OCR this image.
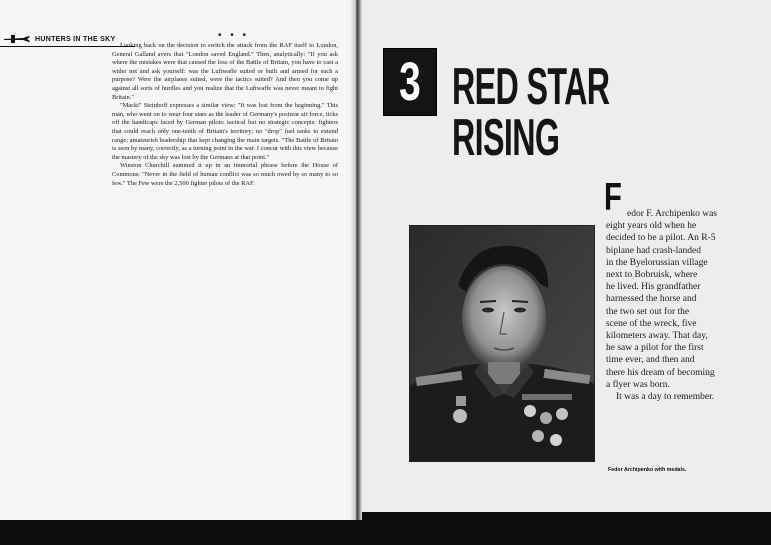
HUNTERS IN THE SKY	• • •

Looking back on the decision to switch the attack from the RAF itself to London, General Galland avers that "London saved England." Then, analytically: "If you ask where the mistakes were that caused the loss of the Battle of Britain, you have to cast a wider net and ask yourself: was the Luftwaffe suited or built and armed for such a purpose? Were the airplanes suited, were the tactics suited? And then you come up against all sorts of hurdles and you realize that the Luftwaffe was never meant to fight Britain."

"Macki" Steinhoff expresses a similar view: "It was lost from the beginning." This man, who went on to wear four stars as the leader of Germany's postwar air force, ticks off the handicaps faced by German pilots: tactical but no strategic concepts: fighters that could reach only one-tenth of Britain's territory; no "drop" fuel tanks to extend range; amateurish leadership that kept changing the main targets. "The Battle of Britain is seen by many, correctly, as a turning point in the war. I concur with this view because the mastery of the sky was lost by the Germans at that point."

Winston Churchill summed it up in an immortal phrase before the House of Commons: "Never in the field of human conflict was so much owed by so many to so few." The Few were the 2,500 fighter pilots of the RAF.

3 RED STAR
RISING
Fedor Archipenko with medals.
F edor F. Archipenko was
eight years old when he
decided to be a pilot. An R-5
biplane had crash-landed
in the Byelorussian village
next to Bobruisk, where
he lived. His grandfather
harnessed the horse and
the two set out for the
scene of the wreck, five
kilometers away. That day,
he saw a pilot for the first
time ever, and then and
there his dream of becoming
a flyer was born.
It was a day to remember.
